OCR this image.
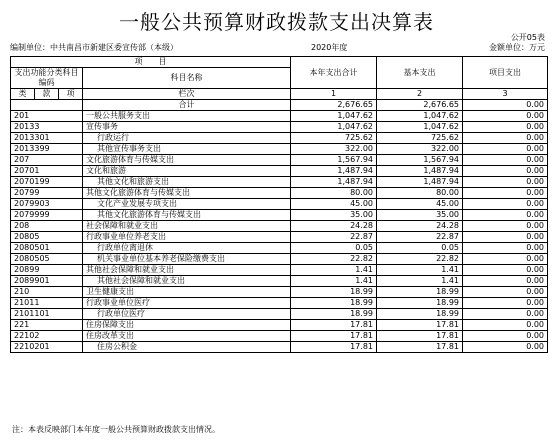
一般公共预算财政拨款支出决算表
公开05表
编制单位：中共南昌市新建区委宣传部（本级）	2020年度	金额单位：万元
项　　目				本年支出合计	基本支出	项目支出
支出功能分类科目编码			科目名称			
类	款	项				
			栏次	1	2	3
			合计	2,676.65	2,676.65	0.00
201			一般公共服务支出	1,047.62	1,047.62	0.00
20133			宣传事务	1,047.62	1,047.62	0.00
2013301			行政运行	725.62	725.62	0.00
2013399			其他宣传事务支出	322.00	322.00	0.00
207			文化旅游体育与传媒支出	1,567.94	1,567.94	0.00
20701			文化和旅游	1,487.94	1,487.94	0.00
2070199			其他文化和旅游支出	1,487.94	1,487.94	0.00
20799			其他文化旅游体育与传媒支出	80.00	80.00	0.00
2079903			文化产业发展专项支出	45.00	45.00	0.00
2079999			其他文化旅游体育与传媒支出	35.00	35.00	0.00
208			社会保障和就业支出	24.28	24.28	0.00
20805			行政事业单位养老支出	22.87	22.87	0.00
2080501			行政单位离退休	0.05	0.05	0.00
2080505			机关事业单位基本养老保险缴费支出	22.82	22.82	0.00
20899			其他社会保障和就业支出	1.41	1.41	0.00
2089901			其他社会保障和就业支出	1.41	1.41	0.00
210			卫生健康支出	18.99	18.99	0.00
21011			行政事业单位医疗	18.99	18.99	0.00
2101101			行政单位医疗	18.99	18.99	0.00
221			住房保障支出	17.81	17.81	0.00
22102			住房改革支出	17.81	17.81	0.00
2210201			住房公积金	17.81	17.81	0.00
注：本表反映部门本年度一般公共预算财政拨款支出情况。
